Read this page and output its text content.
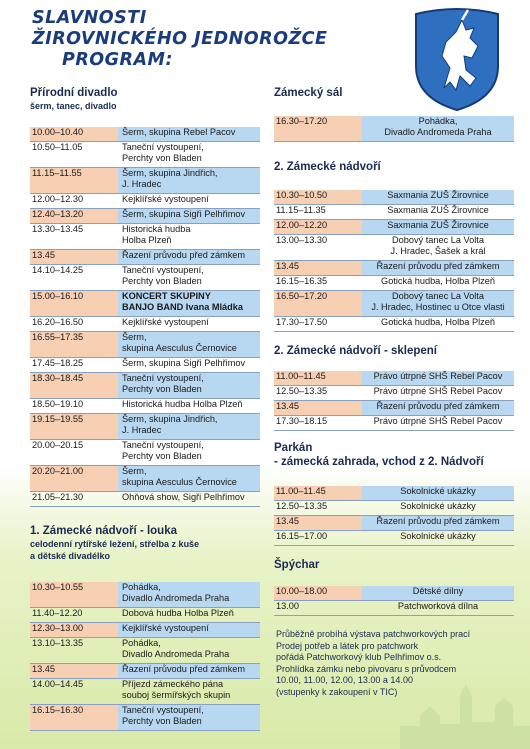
SLAVNOSTI
ŽIROVNICKÉHO JEDNOROŽCE
PROGRAM:
Přírodní divadlo
šerm, tanec, divadlo
10.00–10.40	Šerm, skupina Rebel Pacov
10.50–11.05	Taneční vystoupení,
Perchty von Bladen
11.15–11.55	Šerm, skupina Jindřich,
J. Hradec
12.00–12.30	Kejklířské vystoupení
12.40–13.20	Šerm, skupina Sigři Pelhřimov
13.30–13.45	Historická hudba
Holba Plzeň
13.45	Řazení průvodu před zámkem
14.10–14.25	Taneční vystoupení,
Perchty von Bladen
15.00–16.10	KONCERT SKUPINY
BANJO BAND Ivana Mládka
16.20–16.50	Kejklířské vystoupení
16.55–17.35	Šerm,
skupina Aesculus Černovice
17.45–18.25	Šerm, skupina Sigři Pelhřimov
18.30–18.45	Taneční vystoupení,
Perchty von Bladen
18.50–19.10	Historická hudba Holba Plzeň
19.15–19.55	Šerm, skupina Jindřich,
J. Hradec
20.00–20.15	Taneční vystoupení,
Perchty von Bladen
20.20–21.00	Šerm,
skupina Aesculus Černovice
21.05–21.30	Ohňová show, Sigři Pelhřimov
1. Zámecké nádvoří - louka
celodenní rytířské ležení, střelba z kuše
a dětské divadélko
10.30–10.55	Pohádka,
Divadlo Andromeda Praha
11.40–12.20	Dobová hudba Holba Plzeň
12.30–13.00	Kejklířské vystoupení
13.10–13.35	Pohádka,
Divadlo Andromeda Praha
13.45	Řazení průvodu před zámkem
14.00–14.45	Příjezd zámeckého pána
souboj šermířských skupin
16.15–16.30	Taneční vystoupení,
Perchty von Bladen
Zámecký sál
16.30–17.20	Pohádka,
Divadlo Andromeda Praha
2. Zámecké nádvoří
10.30–10.50	Saxmania ZUŠ Žirovnice
11.15–11.35	Saxmania ZUŠ Žirovnice
12.00–12.20	Saxmania ZUŠ Žirovnice
13.00–13.30	Dobový tanec La Volta
J. Hradec, Šašek a král
13.45	Řazení průvodu před zámkem
16.15–16.35	Gotická hudba, Holba Plzeň
16.50–17.20	Dobový tanec La Volta
J. Hradec, Hostinec u Otce vlasti
17.30–17.50	Gotická hudba, Holba Plzeň
2. Zámecké nádvoří - sklepení
11.00–11.45	Právo útrpné SHŠ Rebel Pacov
12.50–13.35	Právo útrpné SHŠ Rebel Pacov
13.45	Řazení průvodu před zámkem
17.30–18.15	Právo útrpné SHŠ Rebel Pacov
Parkán
- zámecká zahrada, vchod z 2. Nádvoří
11.00–11.45	Sokolnické ukázky
12.50–13.35	Sokolnické ukázky
13.45	Řazení průvodu před zámkem
16.15–17.00	Sokolnické ukázky
Špýchar
10.00–18.00	Dětské dílny
13.00	Patchworková dílna
Průběžně probíhá výstava patchworkových prací
Prodej potřeb a látek pro patchwork
pořádá Patchworkový klub Pelhřimov o.s.
Prohlídka zámku nebo pivovaru s průvodcem
10.00, 11.00, 12.00, 13.00 a 14.00
(vstupenky k zakoupení v TIC)
